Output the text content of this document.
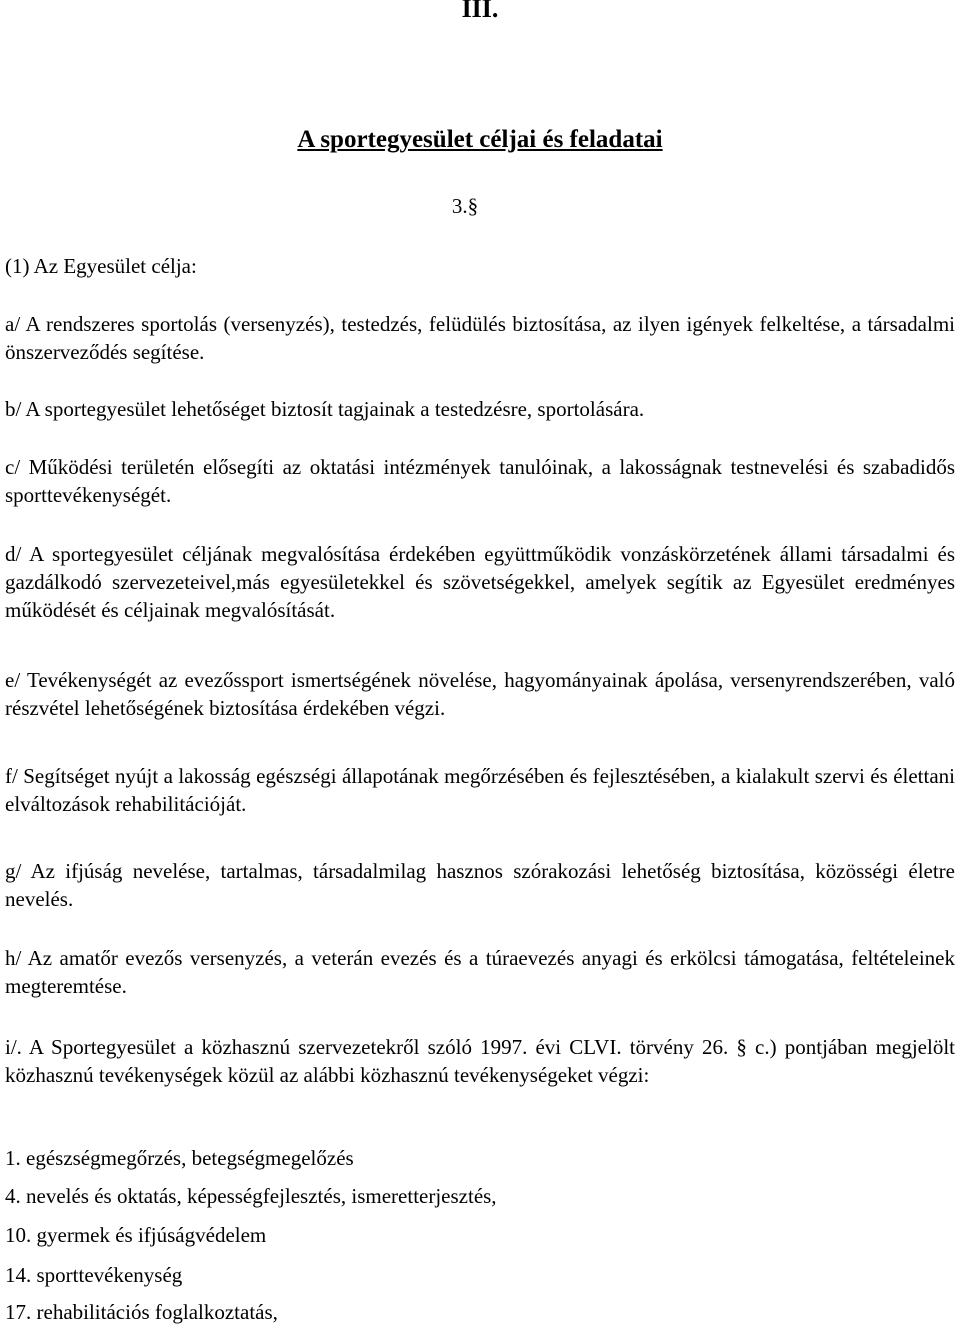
III.
A sportegyesület céljai és feladatai
3.§

(1) Az Egyesület célja:

a/ A rendszeres sportolás (versenyzés), testedzés, felüdülés biztosítása, az ilyen igények felkeltése, a társadalmi önszerveződés segítése.

b/ A sportegyesület lehetőséget biztosít tagjainak a testedzésre, sportolására.

c/ Működési területén elősegíti az oktatási intézmények tanulóinak, a lakosságnak testnevelési és szabadidős sporttevékenységét.

d/ A sportegyesület céljának megvalósítása érdekében együttműködik vonzáskörzetének állami társadalmi és gazdálkodó szervezeteivel,más egyesületekkel és szövetségekkel, amelyek segítik az Egyesület eredményes működését és céljainak megvalósítását.

e/ Tevékenységét az evezőssport ismertségének növelése, hagyományainak ápolása, versenyrendszerében, való részvétel lehetőségének biztosítása érdekében végzi.

f/ Segítséget nyújt a lakosság egészségi állapotának megőrzésében és fejlesztésében, a kialakult szervi és élettani elváltozások rehabilitációját.

g/ Az ifjúság nevelése, tartalmas, társadalmilag hasznos szórakozási lehetőség biztosítása, közösségi életre nevelés.

h/ Az amatőr evezős versenyzés, a veterán evezés és a túraevezés anyagi és erkölcsi támogatása, feltételeinek megteremtése.

i/. A Sportegyesület a közhasznú szervezetekről szóló 1997. évi CLVI. törvény 26. § c.) pontjában megjelölt közhasznú tevékenységek közül az alábbi közhasznú tevékenységeket végzi:

1. egészségmegőrzés, betegségmegelőzés
4. nevelés és oktatás, képességfejlesztés, ismeretterjesztés,
10. gyermek és ifjúságvédelem
14. sporttevékenység
17. rehabilitációs foglalkoztatás,
